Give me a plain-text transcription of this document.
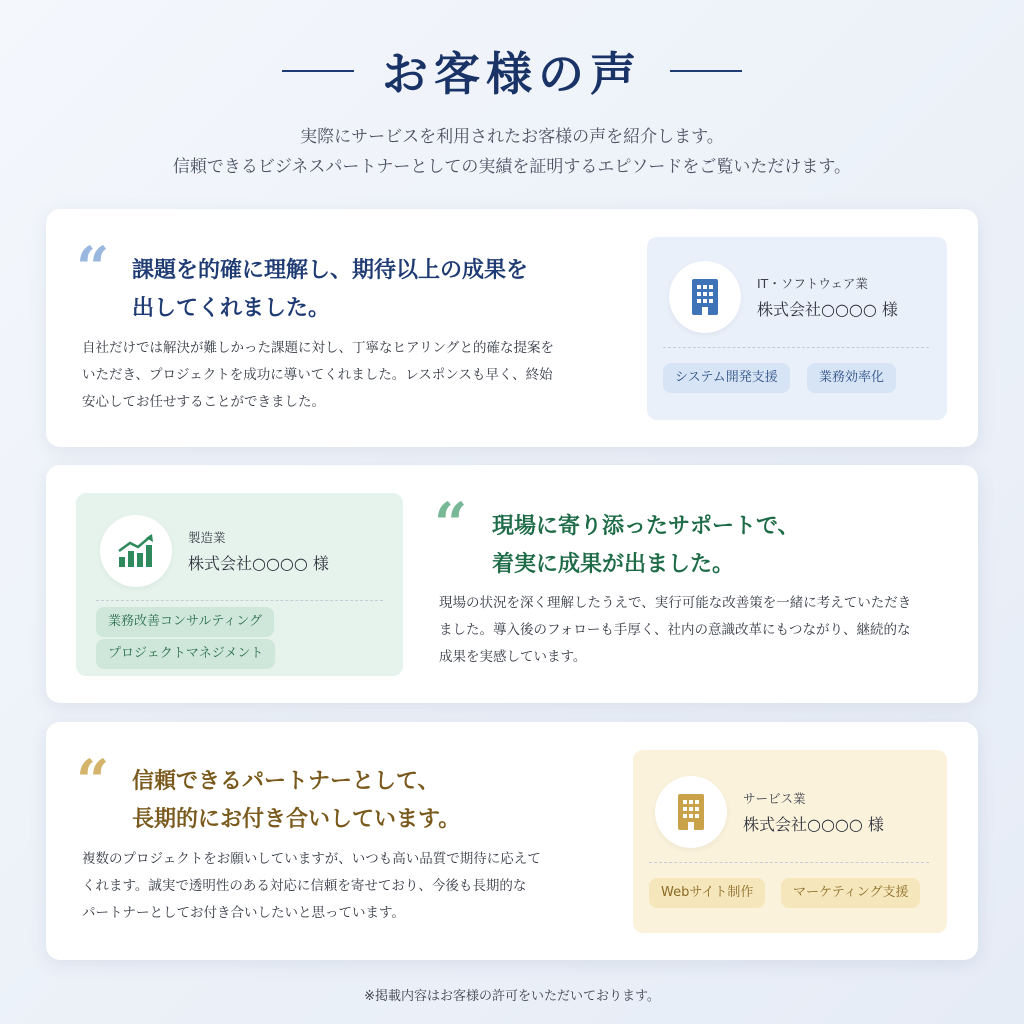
お客様の声
実際にサービスを利用されたお客様の声を紹介します。
信頼できるビジネスパートナーとしての実績を証明するエピソードをご覧いただけます。
“ 課題を的確に理解し、期待以上の成果を
出してくれました。
自社だけでは解決が難しかった課題に対し、丁寧なヒアリングと的確な提案を
いただき、プロジェクトを成功に導いてくれました。レスポンスも早く、終始
安心してお任せすることができました。
IT・ソフトウェア業
株式会社○○○○ 様
システム開発支援	業務効率化
製造業
株式会社○○○○ 様
業務改善コンサルティング
プロジェクトマネジメント
“ 現場に寄り添ったサポートで、
着実に成果が出ました。
現場の状況を深く理解したうえで、実行可能な改善策を一緒に考えていただき
ました。導入後のフォローも手厚く、社内の意識改革にもつながり、継続的な
成果を実感しています。
“ 信頼できるパートナーとして、
長期的にお付き合いしています。
複数のプロジェクトをお願いしていますが、いつも高い品質で期待に応えて
くれます。誠実で透明性のある対応に信頼を寄せており、今後も長期的な
パートナーとしてお付き合いしたいと思っています。
サービス業
株式会社○○○○ 様
Webサイト制作	マーケティング支援
※掲載内容はお客様の許可をいただいております。
